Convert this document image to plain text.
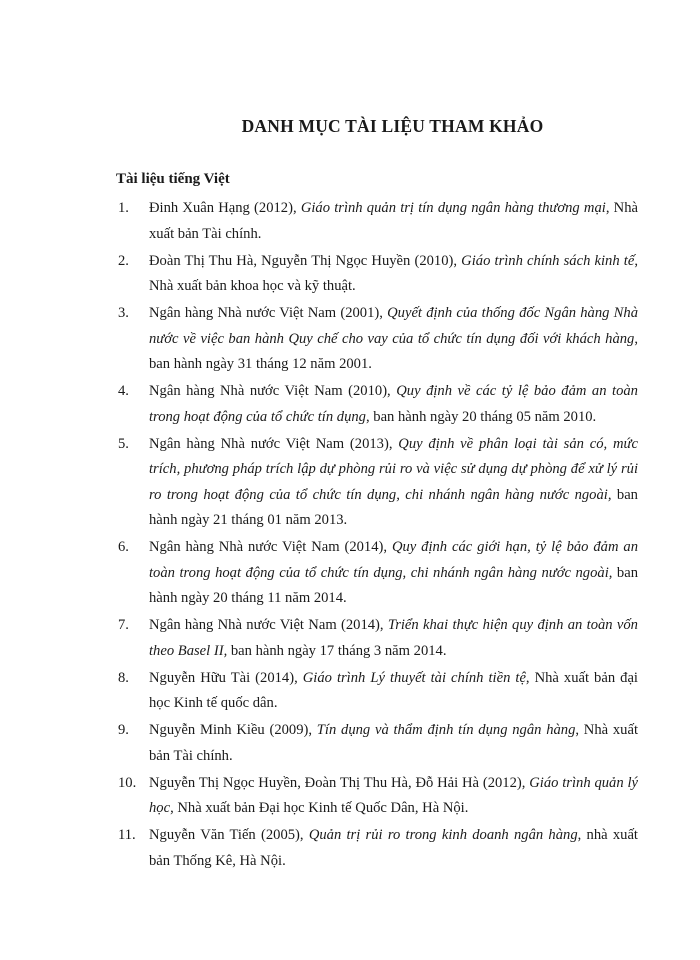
DANH MỤC TÀI LIỆU THAM KHẢO
Tài liệu tiếng Việt
1. Đinh Xuân Hạng (2012), Giáo trình quản trị tín dụng ngân hàng thương mại, Nhà xuất bản Tài chính.
2. Đoàn Thị Thu Hà, Nguyễn Thị Ngọc Huyền (2010), Giáo trình chính sách kinh tế, Nhà xuất bản khoa học và kỹ thuật.
3. Ngân hàng Nhà nước Việt Nam (2001), Quyết định của thống đốc Ngân hàng Nhà nước về việc ban hành Quy chế cho vay của tổ chức tín dụng đối với khách hàng, ban hành ngày 31 tháng 12 năm 2001.
4. Ngân hàng Nhà nước Việt Nam (2010), Quy định về các tỷ lệ bảo đảm an toàn trong hoạt động của tổ chức tín dụng, ban hành ngày 20 tháng 05 năm 2010.
5. Ngân hàng Nhà nước Việt Nam (2013), Quy định về phân loại tài sản có, mức trích, phương pháp trích lập dự phòng rủi ro và việc sử dụng dự phòng để xử lý rủi ro trong hoạt động của tổ chức tín dụng, chi nhánh ngân hàng nước ngoài, ban hành ngày 21 tháng 01 năm 2013.
6. Ngân hàng Nhà nước Việt Nam (2014), Quy định các giới hạn, tỷ lệ bảo đảm an toàn trong hoạt động của tổ chức tín dụng, chi nhánh ngân hàng nước ngoài, ban hành ngày 20 tháng 11 năm 2014.
7. Ngân hàng Nhà nước Việt Nam (2014), Triển khai thực hiện quy định an toàn vốn theo Basel II, ban hành ngày 17 tháng 3 năm 2014.
8. Nguyễn Hữu Tài (2014), Giáo trình Lý thuyết tài chính tiền tệ, Nhà xuất bản đại học Kinh tế quốc dân.
9. Nguyễn Minh Kiều (2009), Tín dụng và thẩm định tín dụng ngân hàng, Nhà xuất bản Tài chính.
10. Nguyễn Thị Ngọc Huyền, Đoàn Thị Thu Hà, Đỗ Hải Hà (2012), Giáo trình quản lý học, Nhà xuất bản Đại học Kinh tế Quốc Dân, Hà Nội.
11. Nguyễn Văn Tiến (2005), Quản trị rủi ro trong kinh doanh ngân hàng, nhà xuất bản Thống Kê, Hà Nội.
